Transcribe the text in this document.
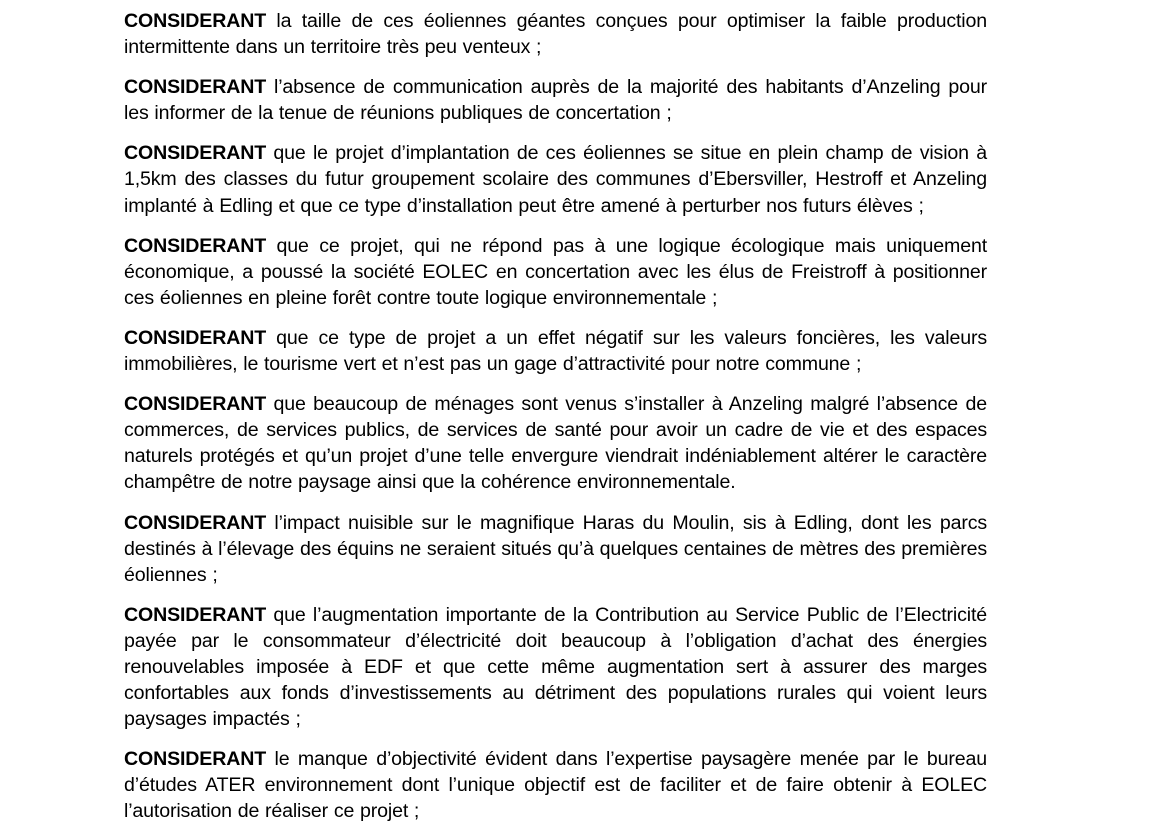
CONSIDERANT la taille de ces éoliennes géantes conçues pour optimiser la faible production intermittente dans un territoire très peu venteux ;

CONSIDERANT l’absence de communication auprès de la majorité des habitants d’Anzeling pour les informer de la tenue de réunions publiques de concertation ;

CONSIDERANT que le projet d’implantation de ces éoliennes se situe en plein champ de vision à 1,5km des classes du futur groupement scolaire des communes d’Ebersviller, Hestroff et Anzeling implanté à Edling et que ce type d’installation peut être amené à perturber nos futurs élèves ;

CONSIDERANT que ce projet, qui ne répond pas à une logique écologique mais uniquement économique, a poussé la société EOLEC en concertation avec les élus de Freistroff à positionner ces éoliennes en pleine forêt contre toute logique environnementale ;

CONSIDERANT que ce type de projet a un effet négatif sur les valeurs foncières, les valeurs immobilières, le tourisme vert et n’est pas un gage d’attractivité pour notre commune ;

CONSIDERANT que beaucoup de ménages sont venus s’installer à Anzeling malgré l’absence de commerces, de services publics, de services de santé pour avoir un cadre de vie et des espaces naturels protégés et qu’un projet d’une telle envergure viendrait indéniablement altérer le caractère champêtre de notre paysage ainsi que la cohérence environnementale.

CONSIDERANT l’impact nuisible sur le magnifique Haras du Moulin, sis à Edling, dont les parcs destinés à l’élevage des équins ne seraient situés qu’à quelques centaines de mètres des premières éoliennes ;

CONSIDERANT que l’augmentation importante de la Contribution au Service Public de l’Electricité payée par le consommateur d’électricité doit beaucoup à l’obligation d’achat des énergies renouvelables imposée à EDF et que cette même augmentation sert à assurer des marges confortables aux fonds d’investissements au détriment des populations rurales qui voient leurs paysages impactés ;

CONSIDERANT le manque d’objectivité évident dans l’expertise paysagère menée par le bureau d’études ATER environnement dont l’unique objectif est de faciliter et de faire obtenir à EOLEC l’autorisation de réaliser ce projet ;
